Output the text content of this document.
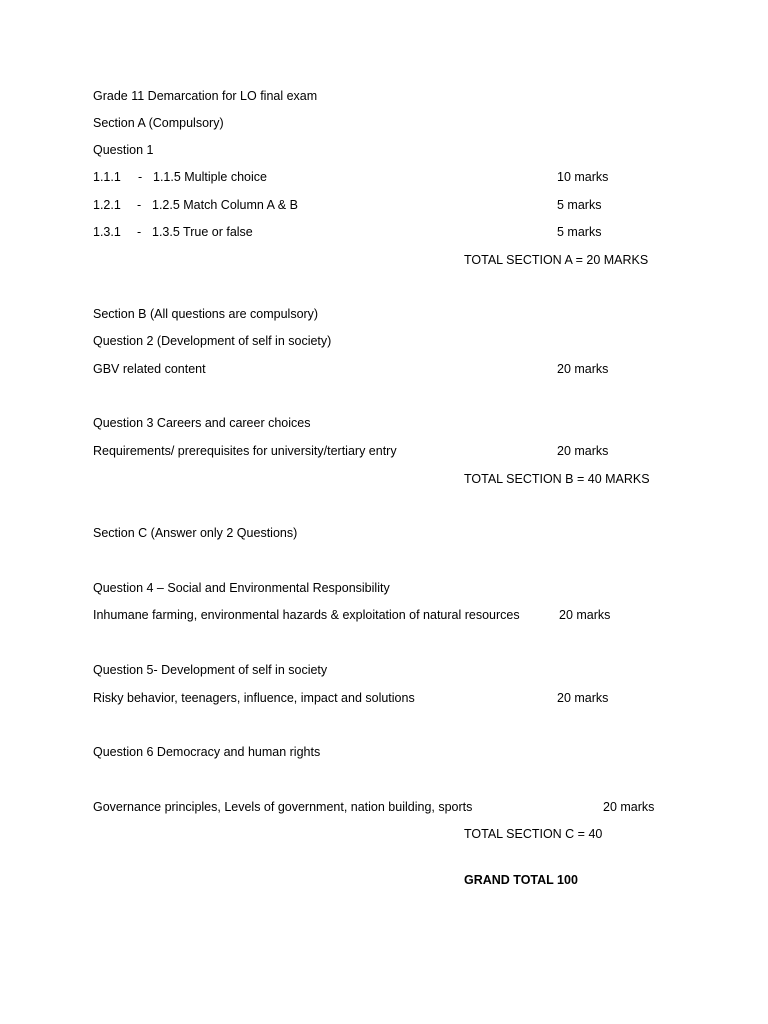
Grade 11 Demarcation for LO final exam
Section A (Compulsory)
Question 1
1.1.1 - 1.1.5 Multiple choice	10 marks
1.2.1 - 1.2.5 Match Column A & B	5 marks
1.3.1 - 1.3.5 True or false	5 marks
TOTAL SECTION A = 20 MARKS
Section B (All questions are compulsory)
Question 2 (Development of self in society)
GBV related content	20 marks
Question 3 Careers and career choices
Requirements/ prerequisites for university/tertiary entry	20 marks
TOTAL SECTION B = 40 MARKS
Section C (Answer only 2 Questions)
Question 4 – Social and Environmental Responsibility
Inhumane farming, environmental hazards & exploitation of natural resources	20 marks
Question 5- Development of self in society
Risky behavior, teenagers, influence, impact and solutions	20 marks
Question 6 Democracy and human rights
Governance principles, Levels of government, nation building, sports	20 marks
TOTAL SECTION C = 40
GRAND TOTAL 100
